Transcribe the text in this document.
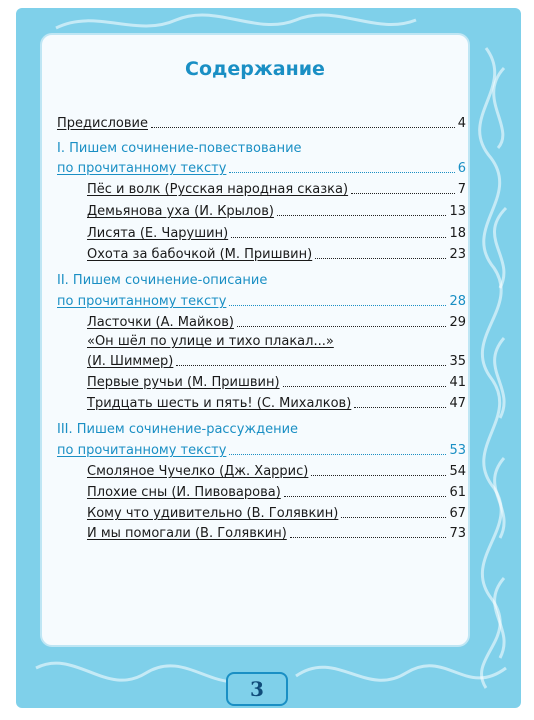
Содержание
Предисловие	4
I. Пишем сочинение-повествование
по прочитанному тексту	6
Пёс и волк (Русская народная сказка)	7
Демьянова уха (И. Крылов)	13
Лисята (Е. Чарушин)	18
Охота за бабочкой (М. Пришвин)	23
II. Пишем сочинение-описание
по прочитанному тексту	28
Ласточки (А. Майков)	29
«Он шёл по улице и тихо плакал...»
(И. Шиммер)	35
Первые ручьи (М. Пришвин)	41
Тридцать шесть и пять! (С. Михалков)	47
III. Пишем сочинение-рассуждение
по прочитанному тексту	53
Смоляное Чучелко (Дж. Харрис)	54
Плохие сны (И. Пивоварова)	61
Кому что удивительно (В. Голявкин)	67
И мы помогали (В. Голявкин)	73
3
